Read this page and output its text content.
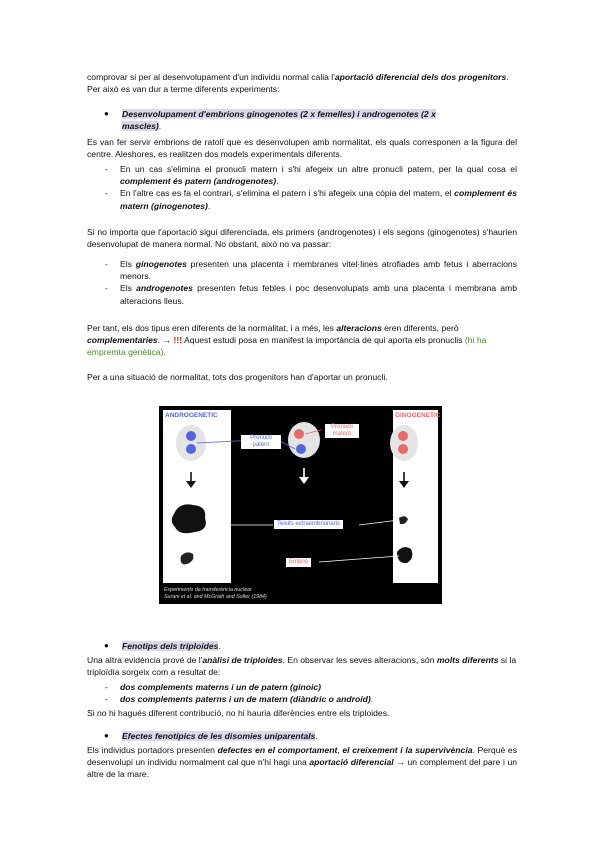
comprovar si per al desenvolupament d'un individu normal calia l'aportació diferencial dels dos progenitors. Per això es van dur a terme diferents experiments:

● Desenvolupament d'embrions ginogenotes (2 x femelles) i androgenotes (2 x
mascles).

Es van fer servir embrions de ratolí que es desenvolupen amb normalitat, els quals corresponen a la figura del centre. Aleshores, es realitzen dos models experimentals diferents.

- En un cas s'elimina el pronucli matern i s'hi afegeix un altre pronucli patern, per la qual cosa el complement és patern (androgenotes).
- En l'altre cas es fa el contrari, s'elimina el patern i s'hi afegeix una còpia del matern, el complement és matern (ginogenotes).

Si no importa que l'aportació sigui diferenciada, els primers (androgenotes) i els segons (ginogenotes) s'haurien desenvolupat de manera normal. No obstant, això no va passar:

- Els ginogenotes presenten una placenta i membranes vitel·lines atrofiades amb fetus i aberracions menors.
- Els androgenotes presenten fetus febles i poc desenvolupats amb una placenta i membrana amb alteracions lleus.

Per tant, els dos tipus eren diferents de la normalitat, i a més, les alteracions eren diferents, però complementaries. → !!! Aquest estudi posa en manifest la importància de qui aporta els pronuclis (hi ha empremta genètica).

Per a una situació de normalitat, tots dos progenitors han d'aportar un pronucli.

ANDROGENETIC	GINOGENETIC
Pronucli patern
Pronucli matern
Teixits extraembrionaris
Embrió
Experiments de transferència nuclear
Surani et al. and McGrath and Solter (1984)
● Fenotips dels triploides.

Una altra evidència prové de l'anàlisi de triploides. En observar les seves alteracions, són molts diferents si la triploïdia sorgeix com a resultat de:

- dos complements materns i un de patern (ginoic)
- dos complements paterns i un de matern (diàndric o android).

Si no hi hagués diferent contribució, no hi hauria diferències entre els triploides.

● Efectes fenotípics de les disomies uniparentals.

Els individus portadors presenten defectes en el comportament, el creixement i la supervivència. Perquè es desenvolupi un individu normalment cal que n'hi hagi una aportació diferencial → un complement del pare i un altre de la mare.
